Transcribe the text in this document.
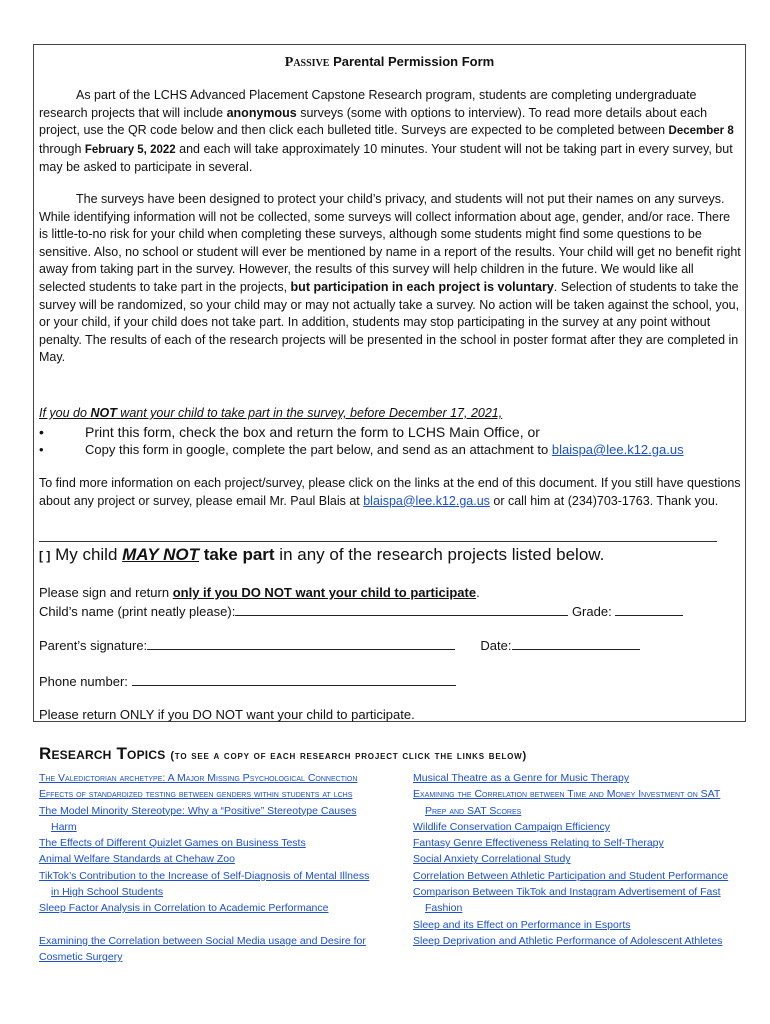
Passive Parental Permission Form

As part of the LCHS Advanced Placement Capstone Research program, students are completing undergraduate research projects that will include anonymous surveys (some with options to interview). To read more details about each project, use the QR code below and then click each bulleted title. Surveys are expected to be completed between December 8 through February 5, 2022 and each will take approximately 10 minutes. Your student will not be taking part in every survey, but may be asked to participate in several.

The surveys have been designed to protect your child’s privacy, and students will not put their names on any surveys. While identifying information will not be collected, some surveys will collect information about age, gender, and/or race. There is little-to-no risk for your child when completing these surveys, although some students might find some questions to be sensitive. Also, no school or student will ever be mentioned by name in a report of the results. Your child will get no benefit right away from taking part in the survey. However, the results of this survey will help children in the future. We would like all selected students to take part in the projects, but participation in each project is voluntary. Selection of students to take the survey will be randomized, so your child may or may not actually take a survey. No action will be taken against the school, you, or your child, if your child does not take part. In addition, students may stop participating in the survey at any point without penalty. The results of each of the research projects will be presented in the school in poster format after they are completed in May.

If you do NOT want your child to take part in the survey, before December 17, 2021,
• Print this form, check the box and return the form to LCHS Main Office, or
• Copy this form in google, complete the part below, and send as an attachment to blaispa@lee.k12.ga.us

To find more information on each project/survey, please click on the links at the end of this document. If you still have questions about any project or survey, please email Mr. Paul Blais at blaispa@lee.k12.ga.us or call him at (234)703-1763. Thank you.

[ ] My child MAY NOT take part in any of the research projects listed below.
Please sign and return only if you DO NOT want your child to participate.
Child’s name (print neatly please):	Grade:
Parent’s signature:	Date:
Phone number:
Please return ONLY if you DO NOT want your child to participate.
Research Topics (to see a copy of each research project click the links below)
The Valedictorian archetype: A Major Missing Psychological Connection
Effects of standardized testing between genders within students at lchs
The Model Minority Stereotype: Why a “Positive” Stereotype Causes
Harm
The Effects of Different Quizlet Games on Business Tests
Animal Welfare Standards at Chehaw Zoo
TikTok’s Contribution to the Increase of Self-Diagnosis of Mental Illness
in High School Students
Sleep Factor Analysis in Correlation to Academic Performance
Examining the Correlation between Social Media usage and Desire for
Cosmetic Surgery
Musical Theatre as a Genre for Music Therapy
Examining the Correlation between Time and Money Investment on SAT
Prep and SAT Scores
Wildlife Conservation Campaign Efficiency
Fantasy Genre Effectiveness Relating to Self-Therapy
Social Anxiety Correlational Study
Correlation Between Athletic Participation and Student Performance
Comparison Between TikTok and Instagram Advertisement of Fast
Fashion
Sleep and its Effect on Performance in Esports
Sleep Deprivation and Athletic Performance of Adolescent Athletes
